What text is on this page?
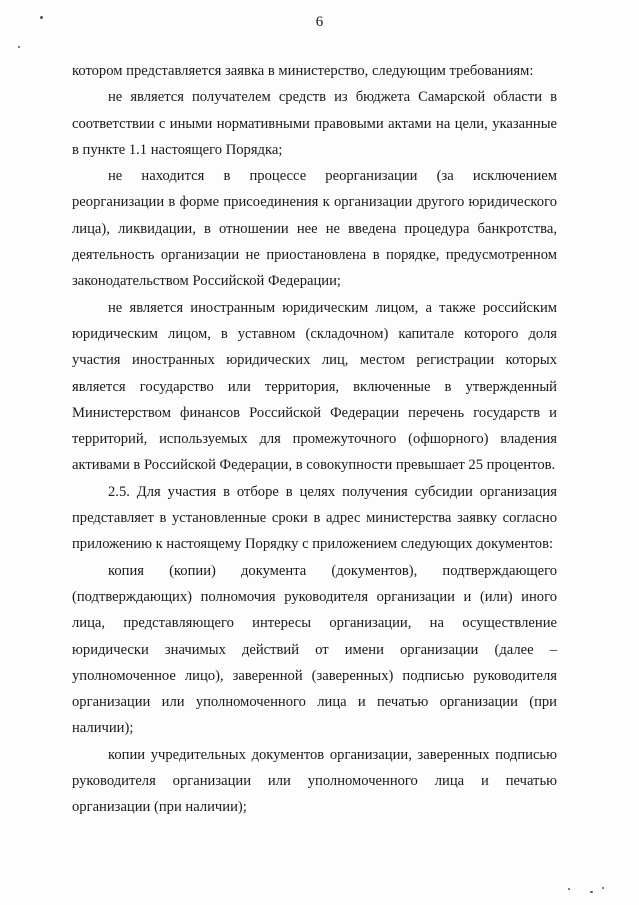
6

котором представляется заявка в министерство, следующим требованиям:

не является получателем средств из бюджета Самарской области в соответствии с иными нормативными правовыми актами на цели, указанные в пункте 1.1 настоящего Порядка;

не находится в процессе реорганизации (за исключением реорганизации в форме присоединения к организации другого юридического лица), ликвидации, в отношении нее не введена процедура банкротства, деятельность организации не приостановлена в порядке, предусмотренном законодательством Российской Федерации;

не является иностранным юридическим лицом, а также российским юридическим лицом, в уставном (складочном) капитале которого доля участия иностранных юридических лиц, местом регистрации которых является государство или территория, включенные в утвержденный Министерством финансов Российской Федерации перечень государств и территорий, используемых для промежуточного (офшорного) владения активами в Российской Федерации, в совокупности превышает 25 процентов.

2.5. Для участия в отборе в целях получения субсидии организация представляет в установленные сроки в адрес министерства заявку согласно приложению к настоящему Порядку с приложением следующих документов:

копия (копии) документа (документов), подтверждающего (подтверждающих) полномочия руководителя организации и (или) иного лица, представляющего интересы организации, на осуществление юридически значимых действий от имени организации (далее – уполномоченное лицо), заверенной (заверенных) подписью руководителя организации или уполномоченного лица и печатью организации (при наличии);

копии учредительных документов организации, заверенных подписью руководителя организации или уполномоченного лица и печатью организации (при наличии);
